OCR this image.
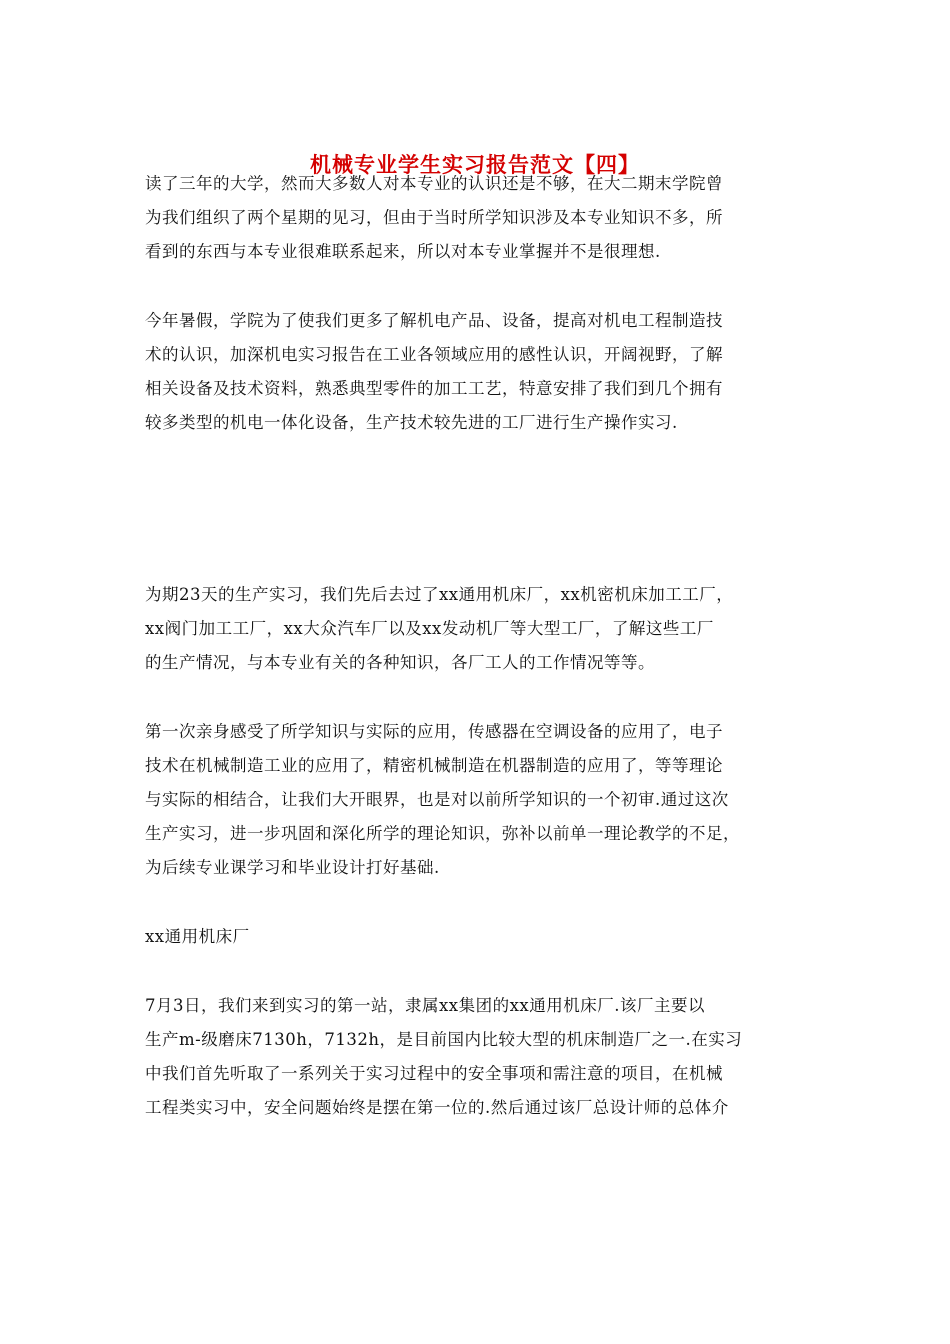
机械专业学生实习报告范文【四】

读了三年的大学，然而大多数人对本专业的认识还是不够，在大二期末学院曾

为我们组织了两个星期的见习，但由于当时所学知识涉及本专业知识不多，所

看到的东西与本专业很难联系起来，所以对本专业掌握并不是很理想.

今年暑假，学院为了使我们更多了解机电产品、设备，提高对机电工程制造技

术的认识，加深机电实习报告在工业各领域应用的感性认识，开阔视野，了解

相关设备及技术资料，熟悉典型零件的加工工艺，特意安排了我们到几个拥有

较多类型的机电一体化设备，生产技术较先进的工厂进行生产操作实习.

为期23天的生产实习，我们先后去过了xx通用机床厂，xx机密机床加工工厂，

xx阀门加工工厂，xx大众汽车厂以及xx发动机厂等大型工厂，了解这些工厂

的生产情况，与本专业有关的各种知识，各厂工人的工作情况等等。

第一次亲身感受了所学知识与实际的应用，传感器在空调设备的应用了，电子

技术在机械制造工业的应用了，精密机械制造在机器制造的应用了，等等理论

与实际的相结合，让我们大开眼界，也是对以前所学知识的一个初审.通过这次

生产实习，进一步巩固和深化所学的理论知识，弥补以前单一理论教学的不足，

为后续专业课学习和毕业设计打好基础.

xx通用机床厂

7月3日，我们来到实习的第一站，隶属xx集团的xx通用机床厂.该厂主要以

生产m-级磨床7130h，7132h，是目前国内比较大型的机床制造厂之一.在实习

中我们首先听取了一系列关于实习过程中的安全事项和需注意的项目，在机械

工程类实习中，安全问题始终是摆在第一位的.然后通过该厂总设计师的总体介
